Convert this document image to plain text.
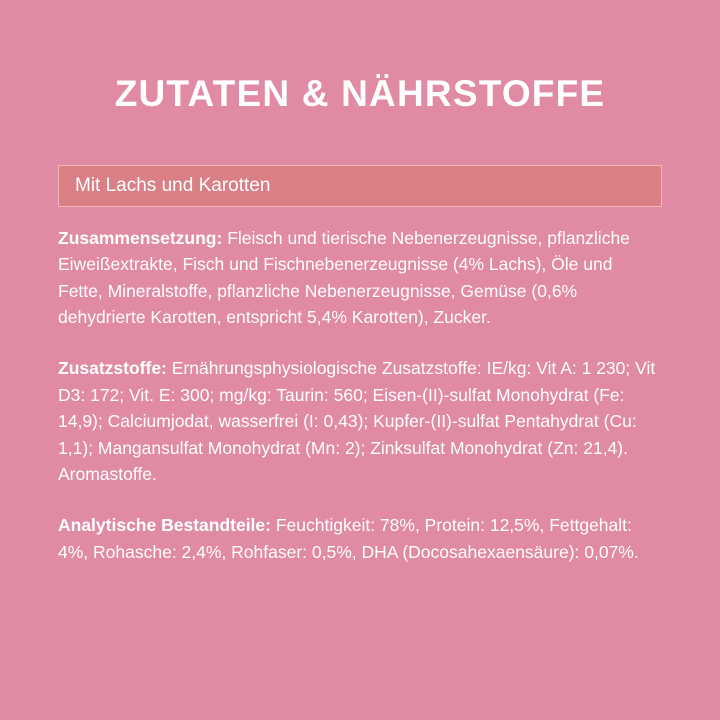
ZUTATEN & NÄHRSTOFFE
Mit Lachs und Karotten

Zusammensetzung: Fleisch und tierische Nebenerzeugnisse, pflanzliche Eiweißextrakte, Fisch und Fischnebenerzeugnisse (4% Lachs), Öle und Fette, Mineralstoffe, pflanzliche Nebenerzeugnisse, Gemüse (0,6% dehydrierte Karotten, entspricht 5,4% Karotten), Zucker.

Zusatzstoffe: Ernährungsphysiologische Zusatzstoffe: IE/kg: Vit A: 1 230; Vit D3: 172; Vit. E: 300; mg/kg: Taurin: 560; Eisen-(II)-sulfat Monohydrat (Fe: 14,9); Calciumjodat, wasserfrei (I: 0,43); Kupfer-(II)-sulfat Pentahydrat (Cu: 1,1); Mangansulfat Monohydrat (Mn: 2); Zinksulfat Monohydrat (Zn: 21,4). Aromastoffe.

Analytische Bestandteile: Feuchtigkeit: 78%, Protein: 12,5%, Fettgehalt: 4%, Rohasche: 2,4%, Rohfaser: 0,5%, DHA (Docosahexaensäure): 0,07%.
